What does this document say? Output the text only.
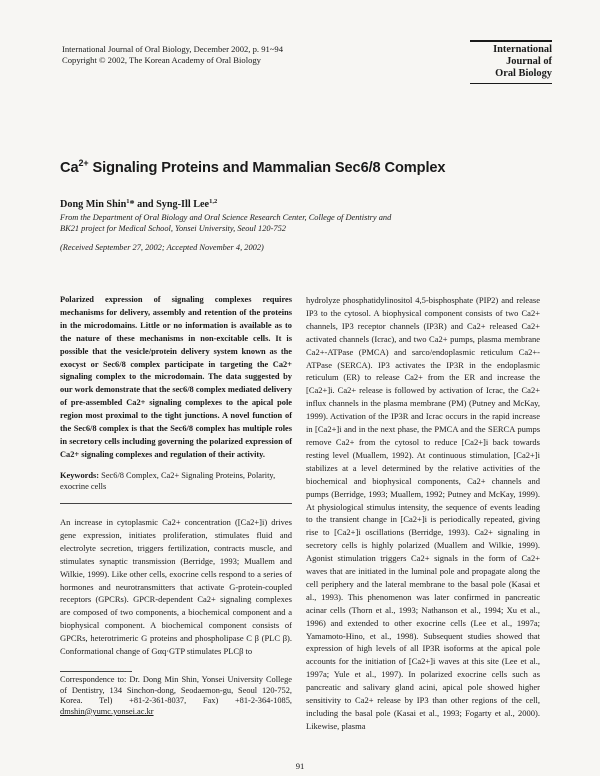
International Journal of Oral Biology, December 2002, p. 91~94
Copyright © 2002, The Korean Academy of Oral Biology
International
Journal of
Oral Biology
$Ca^{2+}$ Signaling Proteins and Mammalian Sec6/8 Complex
Dong Min Shin$^1$* and Syng-Ill Lee$^{1,2}$
From the Department of Oral Biology and Oral Science Research Center, College of Dentistry and
BK21 project for Medical School, Yonsei University, Seoul 120-752
(Received September 27, 2002; Accepted November 4, 2002)
Polarized expression of signaling complexes requires mechanisms for delivery, assembly and retention of the proteins in the microdomains. Little or no information is available as to the nature of these mechanisms in non-excitable cells. It is possible that the vesicle/protein delivery system known as the exocyst or Sec6/8 complex participate in targeting the Ca2+ signaling complex to the microdomain. The data suggested by our work demonstrate that the sec6/8 complex mediated delivery of pre-assembled Ca2+ signaling complexes to the apical pole region most proximal to the tight junctions. A novel function of the Sec6/8 complex is that the Sec6/8 complex has multiple roles in secretory cells including governing the polarized expression of Ca2+ signaling complexes and regulation of their activity.
Keywords: Sec6/8 Complex, Ca2+ Signaling Proteins, Polarity, exocrine cells

An increase in cytoplasmic Ca2+ concentration ([Ca2+]i) drives gene expression, initiates proliferation, stimulates fluid and electrolyte secretion, triggers fertilization, contracts muscle, and stimulates synaptic transmission (Berridge, 1993; Muallem and Wilkie, 1999). Like other cells, exocrine cells respond to a series of hormones and neurotransmitters that activate G-protein-coupled receptors (GPCRs). GPCR-dependent Ca2+ signaling complexes are composed of two components, a biochemical component and a biophysical component. A biochemical component consists of GPCRs, heterotrimeric G proteins and phospholipase C β (PLC β). Conformational change of Gαq·GTP stimulates PLCβ to

Correspondence to: Dr. Dong Min Shin, Yonsei University College of Dentistry, 134 Sinchon-dong, Seodaemon-gu, Seoul 120-752, Korea. Tel) +81-2-361-8037, Fax) +81-2-364-1085, dmshin@yumc.yonsei.ac.kr

hydrolyze phosphatidylinositol 4,5-bisphosphate (PIP2) and release IP3 to the cytosol. A biophysical component consists of two Ca2+ channels, IP3 receptor channels (IP3R) and Ca2+ released Ca2+ activated channels (Icrac), and two Ca2+ pumps, plasma membrane Ca2+-ATPase (PMCA) and sarco/endoplasmic reticulum Ca2+-ATPase (SERCA). IP3 activates the IP3R in the endoplasmic reticulum (ER) to release Ca2+ from the ER and increase the [Ca2+]i. Ca2+ release is followed by activation of Icrac, the Ca2+ influx channels in the plasma membrane (PM) (Putney and McKay, 1999). Activation of the IP3R and Icrac occurs in the rapid increase in [Ca2+]i and in the next phase, the PMCA and the SERCA pumps remove Ca2+ from the cytosol to reduce [Ca2+]i back towards resting level (Muallem, 1992). At continuous stimulation, [Ca2+]i stabilizes at a level determined by the relative activities of the biochemical and biophysical components, Ca2+ channels and pumps (Berridge, 1993; Muallem, 1992; Putney and McKay, 1999). At physiological stimulus intensity, the sequence of events leading to the transient change in [Ca2+]i is periodically repeated, giving rise to [Ca2+]i oscillations (Berridge, 1993). Ca2+ signaling in secretory cells is highly polarized (Muallem and Wilkie, 1999). Agonist stimulation triggers Ca2+ signals in the form of Ca2+ waves that are initiated in the luminal pole and propagate along the cell periphery and the lateral membrane to the basal pole (Kasai et al., 1993). This phenomenon was later confirmed in pancreatic acinar cells (Thorn et al., 1993; Nathanson et al., 1994; Xu et al., 1996) and extended to other exocrine cells (Lee et al., 1997a; Yamamoto-Hino, et al., 1998). Subsequent studies showed that expression of high levels of all IP3R isoforms at the apical pole accounts for the initiation of [Ca2+]i waves at this site (Lee et al., 1997a; Yule et al., 1997). In polarized exocrine cells such as pancreatic and salivary gland acini, apical pole showed higher sensitivity to Ca2+ release by IP3 than other regions of the cell, including the basal pole (Kasai et al., 1993; Fogarty et al., 2000). Likewise, plasma

91
